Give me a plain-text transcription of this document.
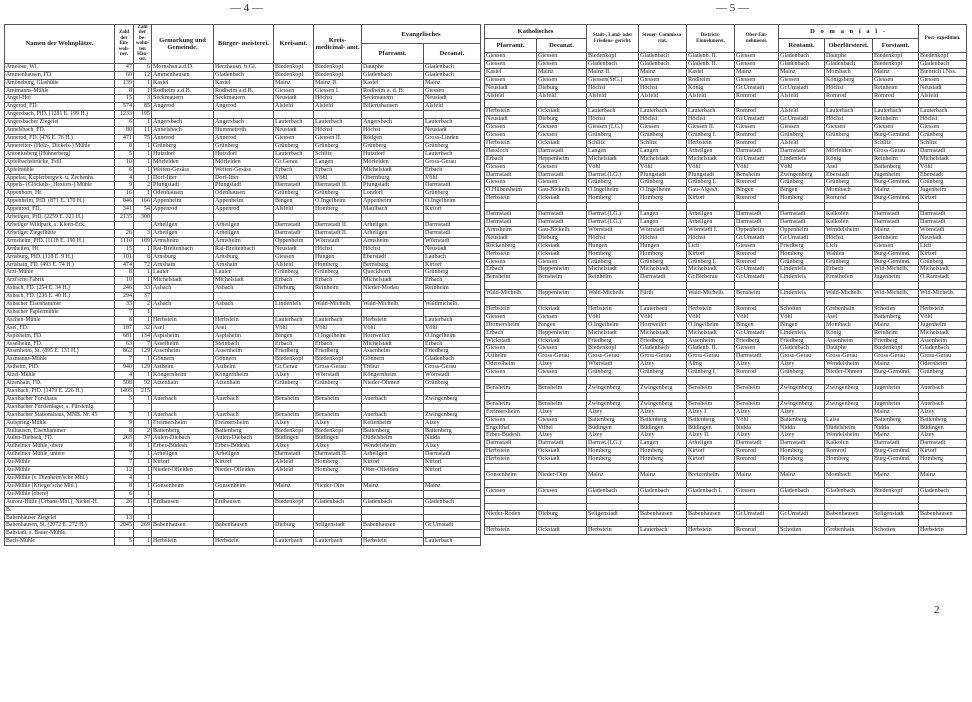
— 4 —	— 5 —
Namen der Wohnplätze.	Zahl der Ein- woh- ner.	Zahl der be- wohn- ten Häu- ser.	Gemarkung und Gemeinde.	Bürger- meisterei.	Kreisamt.	Kreis- medicinal- amt.	Evangelisches	
							Pfarramt.	Decanat.
Amelose, Wl.	47	6	Mornshsn.a.d.D.	Herzhausn. b.Gl.	Biedenkopf	Biedenkopf	Dautphe	Gladenbach
Ammenhausen, FD.	60	12	Ammenhausen	Gladenbach	Biedenkopf	Biedenkopf	Gladenbach	Gladenbach
Amöneburg, Glashütte	139	1	Kastel	Kastel	Mainz	Mainz II.	Kastel	Mainz
Amtmanns-Mühle	8	1	Rodheim a.d.B.	Rodheim a.d.B.	Giessen	Giessen I.	Rodheim a. d. B.	Giessen
Angel-Hof	15	3	Seckmauern	Seckmauern	Neustadt	Höchst	Seckmauern	Neustadt
Angerod, FD.	574	85	Angerod	Angerod	Alsfeld	Alsfeld	Billertshausen	Alsfeld
Angersbach, PfD. (1281 E. 199 H.)	1233	195						
Angersbacher Ziegelei	6	1	Angersbach	Angersbach	Lauterbach	Lauterbach	Angersbach	Lauterbach
Annelsbach, FD.	80	11	Annelsbach	Hummetroth	Neustadt	Höchst	Höchst	Neustadt
Annerod, FD. (476 E. 76 H.)	471	75	Annerod	Annerod	Giessen	Giessen II.	Rödgen	Gross-Linden
Annereiter- (Holz-, Dickels-) Mühle	8	1	Grünberg	Grünberg	Grünberg	Grünberg	Grünberg	Grünberg
Antoniusberg (Hühnerberg)	5	1	Hutzdorf	Hutzdorf	Lauterbach	Schlitz	Hutzdorf	Lauterbach
Apfelbachsbrücke, Fstll.	10	1	Mörfelden	Mörfelden	Gr.Gerau	Langen	Mörfelden	Gross-Gerau
Apfelmühle	6	1	Weiten-Gesäss	Weiten-Gesäss	Erbach	Erbach	Michelstadt	Erbach
Appelau, Kupferbergwk. u. Zechenhs.	4	1	Dorf-Itter	Dorf-Itter	Vöhl	Vöhl	Obernburg	Vöhl
Appels- (Glöckels-, Hextors-) Mühle	9	2	Pfungstadt	Pfungstadt	Darmstadt	Darmstadt II.	Pfungstadt	Darmstadt
Appenborn, Hf.	16	1	Odenhausen	Odenhausen	Grünberg	Grünberg	Londorf	Grünberg
Appenheim, PfD. (871 E. 170 H.)	846	166	Appenheim	Appenheim	Bingen	O.Ingelheim	Appenheim	O.Ingelheim
Appenrod, FD.	341	54	Appenrod	Appenrod	Alsfeld	Homberg	Maulbach	Kirtorf
Arheilgen, PfD. (2259 E. 321 H.)	2135	300						
Arheilger Wildpark, s. Kleen-Eck.			Arheilgen	Arheilgen	Darmstadt	Darmstadt II.	Arheilgen	Darmstadt
Arheilger Ziegelhütte	26	3	Arheilgen	Arheilgen	Darmstadt	Darmstadt II.	Arheilgen	Darmstadt
Armsheim, PfD. (1118 E. 190 H.)	1110	189	Armsheim	Armsheim	Oppenheim	Wörrstadt	Armsheim	Wörrstadt
Arnheiten, Hf.	15	1	Rai-Breitenbach	Rai-Breitenbach	Neustadt	Höchst	Höchst	Neustadt
Arnsburg, PfD. (118 E. 9 H.)	101	8	Arnsburg	Arnsburg	Giessen	Hungen	Eberstadt	Laubach
Arnshain, FD. (493 E. 74 H.)	474	72	Arnshain	Arnshain	Alsfeld	Homberg	Bernsburg	Kirtorf
Arzt-Mühle	8	1	Lauter	Lauter	Grünberg	Grünberg	Queckborn	Grünberg
Arzt'sche Fabrik	10	1	Michelstadt	Michelstadt	Erbach	Erbach	Michelstadt	Erbach
Asbach, FD. (254 E. 34 H.)	246	33	Asbach	Asbach	Dieburg	Reinheim	Nieder-Modau	Reinheim
Asbach, FD. (236 E. 40 H.)	294	37						
Asbacher Eisenhammer	35	2	Asbach	Asbach	Lindenfels	Wald-Michelb.	Wald-Michelb.	Waldmichelb.
Asbacher Papiermühle	7	1						
Aschen-Mühle	8	1	Herbstein	Herbstein	Lauterbach	Lauterbach	Herbstein	Lauterbach
Asel, FD.	187	32	Asel	Asel	Vöhl	Vöhl	Vöhl	Vöhl
Aspisheim, FD.	681	134	Aspisheim	Aspisheim	Bingen	O.Ingelheim	Horrweiler	O.Ingelheim
Asselheim, FD.	63	7	Asselheim	Steinbach	Erbach	Erbach	Michelstadt	Erbach
Assenheim, St. (895 E. 131 H.)	862	129	Assenheim	Assenheim	Friedberg	Friedberg	Assenheim	Friedberg
Assmanns-Mühle	7	1	Gönnern	Gönnern	Biedenkopf	Biedenkopf	Gönnern	Gladenbach
Astheim, PfD.	940	129	Astheim	Astheim	Gr.Gerau	Gross-Gerau	Trebur	Gross-Gerau
Atzel-Mühle	4	1	Köngernheim	Köngernheim	Alzey	Wörrstadt	Köngernheim	Wörrstadt
Atzenhain, FD.	508	92	Atzenhain	Atzenhain	Grünberg	Grünberg	Nieder-Ohmen	Grünberg
Auerbach, PfD. (1479 E. 226 H.)	1405	215						
Auerbacher Forsthaus	5	1	Auerbach	Auerbach	Bensheim	Bensheim	Auerbach	Zwingenberg
Auerbacher Fürstenlager, s. Fürstenlg.								
Auerbacher Stationshaus, MNB. Nr. 45	7	1	Auerbach	Auerbach	Bensheim	Bensheim	Auerbach	Zwingenberg
Aufspring-Mühle	9	1	Freimersheim	Freimersheim	Alzey	Alzey	Kettenheim	Alzey
Aulhausen, Eisenhammer	8	2	Battenberg	Battenberg	Biedenkopf	Biedenkopf	Battenberg	Battenberg
Aulen-Diebach, FD.	265	37	Aulen-Diebach	Aulen-Diebach	Büdingen	Büdingen	Düdelsheim	Nidda
Aulheimer Mühle, obere	8	1	Erbes-Büdesh.	Erbes-Büdesh.	Alzey	Alzey	Wendelsheim	Alzey
Aulheimer Mühle, untere	7	1	Arheilgen	Arheilgen	Darmstadt	Darmstadt II.	Arheilgen	Darmstadt
Au-Mühle	7	1	Kirtorf	Kirtorf	Alsfeld	Homberg	Kirtorf	Kirtorf
Au-Mühle	12	1	Nieder-Ofleiden	Nieder-Ofleiden	Alsfeld	Homberg	Ober-Ofleiden	Kirtorf
Au-Mühle (v. Dienheim'sche Mhl.)	4	1						
Au-Mühle (Krieger'sche Mhl.)	8	1	Gonsenheim	Gonsenheim	Mainz	Nieder-Olm	Mainz	Mainz
Au-Mühle (obere)	6	1						
Aurora-Hütte (Urbans-Mhl.), Nickel-H.	26	1	Erdhausen	Erdhausen	Biedenkopf	Gladenbach	Gladenbach	Gladenbach
B.								
Babenhäuser Ziegelei	13	1						
Babenhausen, St. (2072 E. 272 H.)	2045	269	Babenhausen	Babenhausen	Dieburg	Seligenstadt	Babenhausen	Gr.Umstadt
Babstadt, s. Bauer-Mühle.								
Bach-Mühle	5	1	Herbstein	Herbstein	Lauterbach	Lauterbach	Herbstein	Lauterbach
Katholisches		Stadt-, Land- oder Friedens- gericht.	Steuer- Commissa- riat.	Districts- Einnehmerei.	Ober-Ein- nehmerei.	D o m a n i a l -			Post- expedition.
Pfarramt.	Decanat.					Rentamt.	Oberförsterei.	Forstamt.	
Giessen	Giessen	Biedenkopf	Gladenbach	Gladenb. II.	Giessen	Gladenbach	Dautphe	Biedenkopf	Biedenkopf
Giessen	Giessen	Gladenbach	Gladenbach	Gladenb. II.	Giessen	Gladenbach	Gladenbach	Biedenkopf	Gladenbach
Kastel	Mainz	Mainz II.	Mainz	Kastel	Mainz	Mainz	Mombach	Mainz	Biebrich i.Nss.
Giessen	Giessen	Giessen(StG.)	Giessen	Rodheim	Giessen	Giessen	Königsberg	Giessen	Giessen
Neustadt	Dieburg	Höchst	Höchst	König	Gr.Umstadt	Gr.Umstadt	Höchst	Reinheim	Neustadt
Alsfeld	Alsfeld	Alsfeld	Alsfeld	Alsfeld	Romrod	Alsfeld	Romrod	Romrod	Alsfeld

Herbstein	Ockstadt	Lauterbach	Lauterbach	Lauterbach	Romrod	Alsfeld	Lauterbach	Lauterbach	Lauterbach
Neustadt	Dieburg	Höchst	Höchst	Höchst	Gr.Umstadt	Gr.Umstadt	Höchst	Reinheim	Höchst
Giessen	Giessen	Giessen (LG.)	Giessen	Giessen II.	Giessen	Giessen	Giessen	Giessen	Giessen
Giessen	Giessen	Grünberg	Grünberg	Grünberg I.	Romrod	Grünberg	Grünberg	Burg-Gemünd.	Grünberg
Herbstein	Ockstadt	Schlitz	Schlitz	Herbstein	Romrod	Alsfeld		Schlitz	Schlitz
Hassloch	Darmstadt	Langen	Langen	Arheilgen	Darmstadt	Darmstadt	Mörfelden	Gross-Gerau	Darmstadt
Erbach	Heppenheim	Michelstadt	Michelstadt	Michelstadt	Gr.Umstadt	Lindenfels	König	Reinheim	Michelstadt
Giessen	Giessen	Vöhl	Vöhl	Vöhl	Vöhl	Vöhl	Asel	Battenberg	Vöhl
Darmstadt	Darmstadt	Darmst.(LG.)	Pfungstadt	Pfungstadt	Bensheim	Zwingenberg	Eberstadt	Jugenheim	Eberstadt
Giessen	Giessen	Grünberg	Grünberg	Grünberg I.	Romrod	Grünberg	Grünberg	Burg-Gemünd.	Grünberg
O.Hilbersheim	Gau-Bickelh.	O.Ingelheim	O.Ingelheim	Gau-Algesh.	Bingen	Bingen	Mombach	Mainz	Jugenheim
Herbstein	Ockstadt	Homberg	Homberg	Kirtorf	Romrod	Homberg	Romrod	Burg-Gemünd.	Kirtorf

Darmstadt	Darmstadt	Darmst.(LG.)	Langen	Arheilgen	Darmstadt	Darmstadt	Kalkofen	Darmstadt	Darmstadt
Darmstadt	Darmstadt	Darmst.(LG.)	Langen	Arheilgen	Darmstadt	Darmstadt	Kalkofen	Darmstadt	Darmstadt
Armsheim	Gau-Bickelh.	Wörrstadt	Wörrstadt	Wörrstadt I.	Oppenheim	Oppenheim	Wendelsheim	Mainz	Wörrstadt
Neustadt	Dieburg	Höchst	Höchst	Höchst	Gr.Umstadt	Gr.Umstadt	Höchst	Reinheim	Neustadt
Rockenberg	Ockstadt	Hungen	Hungen	Lich	Giessen	Friedberg	Lich	Giessen	Lich
Herbstein	Ockstadt	Homberg	Homberg	Kirtorf	Romrod	Homberg	Wahlen	Burg-Gemünd.	Kirtorf
Giessen	Giessen	Grünberg	Grünberg	Grünberg I.	Romrod	Grünberg	Grünberg	Burg-Gemünd.	Grünberg
Erbach	Heppenheim	Michelstadt	Michelstadt	Michelstadt	Gr.Umstadt	Lindenfels	Erbach	Wld-Michelb.	Michelstadt
Bensheim	Bensheim	Reinheim	Darmstadt	Gr.Bieberau	Gr.Umstadt	Lindenfels	Ernsthofen	Jugenheim	O.Ramstadt

Wald-Michelb.	Heppenheim	Wald-Michelb.	Fürth	Wald-Michelb.	Bensheim	Lindenfels	Wald-Michelb.	Wld-Michelb.	Wld-Michelb.

Herbstein	Ockstadt	Herbstein	Lauterbach	Herbstein	Romrod	Schotten	Grebenhain	Schotten	Herbstein
Giessen	Giessen	Vöhl	Vöhl	Vöhl	Vöhl	Vöhl	Asel	Battenberg	Vöhl
Dromersheim	Bingen	O.Ingelheim	Horrweiler	O.Ingelheim	Bingen	Bingen	Mombach	Mainz	Jugenheim
Erbach	Heppenheim	Michelstadt	Michelstadt	Michelstadt	Gr.Umstadt	Lindenfels	König	Reinheim	Michelstadt
Wickstadt	Ockstadt	Friedberg	Friedberg	Assenheim	Friedberg	Friedberg	Assenheim	Friedberg	Assenheim
Giessen	Giessen	Biedenkopf	Gladenbach	Gladenb. II.	Giessen	Gladenbach	Dautphe	Biedenkopf	Gladenbach
Astheim	Gross-Gerau	Gross-Gerau	Gross-Gerau	Gross-Gerau	Darmstadt	Gross-Gerau	Gross-Gerau	Gross-Gerau	Gross-Gerau
Oderolheim	Alzey	Wörrstadt	Alzey	Albig	Alzey	Alzey	Wendelsheim	Mainz	Odernheim
Giessen	Giessen	Grünberg	Grünberg	Grünberg I.	Romrod	Grünberg	Nieder-Ohmen	Burg-Gemünd.	Grünberg

Bensheim	Bensheim	Zwingenberg	Zwingenberg	Bensheim	Bensheim	Zwingenberg	Zwingenberg	Jugenheim	Auerbach

Bensheim	Bensheim	Zwingenberg	Zwingenberg	Bensheim	Bensheim	Zwingenberg	Zwingenberg	Jugenheim	Auerbach
Freimersheim	Alzey	Alzey	Alzey	Alzey I.	Alzey	Alzey		Mainz	Alzey
Giessen	Giessen	Battenberg	Battenberg	Battenberg	Vöhl	Battenberg	Laisa	Battenberg	Battenberg
Engelthal	Vilbel	Büdingen	Büdingen	Büdingen	Nidda	Nidda	Düdelsheim	Nidda	Büdingen
Erbes-Büdesh.	Alzey	Alzey	Alzey	Alzey II.	Alzey	Alzey	Wendelsheim	Mainz	Alzey
Darmstadt	Darmstadt	Darmst.(LG.)	Langen	Arheilgen	Darmstadt	Darmstadt	Kalkofen	Darmstadt	Darmstadt
Herbstein	Ockstadt	Homberg	Homberg	Kirtorf	Romrod	Homberg	Romrod	Burg-Gemünd.	Kirtorf
Herbstein	Ockstadt	Homberg	Homberg	Kirtorf	Romrod	Homberg	Homberg	Burg-Gemünd.	Homberg

Gonsenheim	Nieder-Olm	Mainz	Mainz	Bretzenheim	Mainz	Mainz	Mombach	Mainz	Mainz

Giessen	Giessen	Gladenbach	Gladenbach	Gladenbach I.	Giessen	Gladenbach	Gladenbach	Biedenkopf	Gladenbach

Nieder-Roden	Dieburg	Seligenstadt	Babenhausen	Babenhausen	Gr.Umstadt	Gr.Umstadt	Babenhausen	Seligenstadt	Babenhausen

Herbstein	Ockstadt	Herbstein	Lauterbach	Herbstein	Romrod	Schotten	Grebenhain	Schotten	Herbstein
2
